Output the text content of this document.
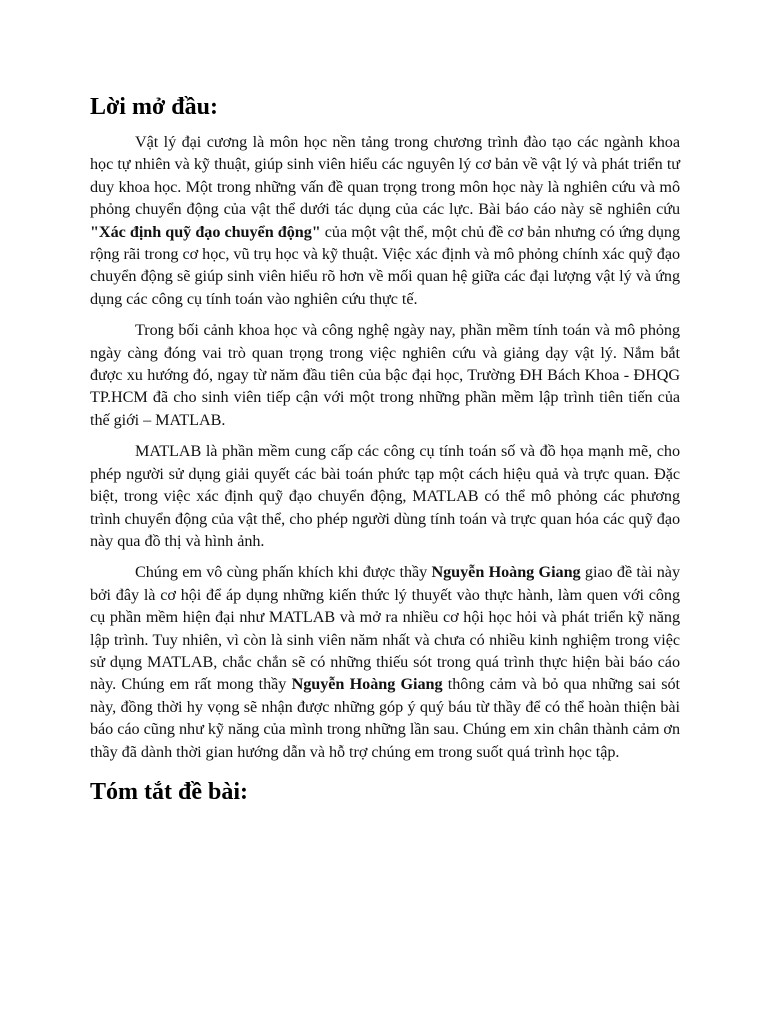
Lời mở đầu:

Vật lý đại cương là môn học nền tảng trong chương trình đào tạo các ngành khoa học tự nhiên và kỹ thuật, giúp sinh viên hiểu các nguyên lý cơ bản về vật lý và phát triển tư duy khoa học. Một trong những vấn đề quan trọng trong môn học này là nghiên cứu và mô phỏng chuyển động của vật thể dưới tác dụng của các lực. Bài báo cáo này sẽ nghiên cứu "Xác định quỹ đạo chuyển động" của một vật thể, một chủ đề cơ bản nhưng có ứng dụng rộng rãi trong cơ học, vũ trụ học và kỹ thuật. Việc xác định và mô phỏng chính xác quỹ đạo chuyển động sẽ giúp sinh viên hiểu rõ hơn về mối quan hệ giữa các đại lượng vật lý và ứng dụng các công cụ tính toán vào nghiên cứu thực tế.

Trong bối cảnh khoa học và công nghệ ngày nay, phần mềm tính toán và mô phỏng ngày càng đóng vai trò quan trọng trong việc nghiên cứu và giảng dạy vật lý. Nắm bắt được xu hướng đó, ngay từ năm đầu tiên của bậc đại học, Trường ĐH Bách Khoa - ĐHQG TP.HCM đã cho sinh viên tiếp cận với một trong những phần mềm lập trình tiên tiến của thế giới – MATLAB.

MATLAB là phần mềm cung cấp các công cụ tính toán số và đồ họa mạnh mẽ, cho phép người sử dụng giải quyết các bài toán phức tạp một cách hiệu quả và trực quan. Đặc biệt, trong việc xác định quỹ đạo chuyển động, MATLAB có thể mô phỏng các phương trình chuyển động của vật thể, cho phép người dùng tính toán và trực quan hóa các quỹ đạo này qua đồ thị và hình ảnh.

Chúng em vô cùng phấn khích khi được thầy Nguyễn Hoàng Giang giao đề tài này bởi đây là cơ hội để áp dụng những kiến thức lý thuyết vào thực hành, làm quen với công cụ phần mềm hiện đại như MATLAB và mở ra nhiều cơ hội học hỏi và phát triển kỹ năng lập trình. Tuy nhiên, vì còn là sinh viên năm nhất và chưa có nhiều kinh nghiệm trong việc sử dụng MATLAB, chắc chắn sẽ có những thiếu sót trong quá trình thực hiện bài báo cáo này. Chúng em rất mong thầy Nguyễn Hoàng Giang thông cảm và bỏ qua những sai sót này, đồng thời hy vọng sẽ nhận được những góp ý quý báu từ thầy để có thể hoàn thiện bài báo cáo cũng như kỹ năng của mình trong những lần sau. Chúng em xin chân thành cảm ơn thầy đã dành thời gian hướng dẫn và hỗ trợ chúng em trong suốt quá trình học tập.

Tóm tắt đề bài:
